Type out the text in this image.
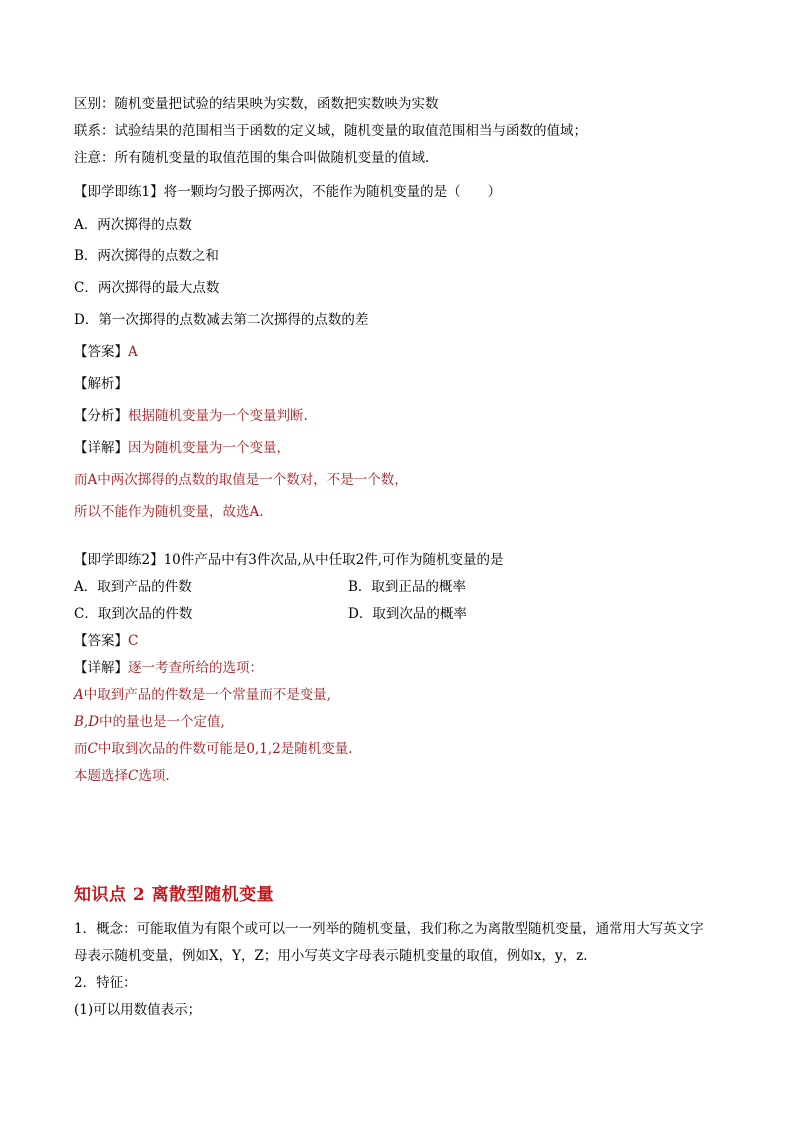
区别：随机变量把试验的结果映为实数，函数把实数映为实数
联系：试验结果的范围相当于函数的定义域，随机变量的取值范围相当与函数的值域；
注意：所有随机变量的取值范围的集合叫做随机变量的值域.
【即学即练1】将一颗均匀骰子掷两次，不能作为随机变量的是（　　）
A．两次掷得的点数
B．两次掷得的点数之和
C．两次掷得的最大点数
D．第一次掷得的点数减去第二次掷得的点数的差
【答案】A
【解析】
【分析】根据随机变量为一个变量判断.
【详解】因为随机变量为一个变量，
而A中两次掷得的点数的取值是一个数对，不是一个数，
所以不能作为随机变量，故选A.
【即学即练2】10件产品中有3件次品,从中任取2件,可作为随机变量的是
A．取到产品的件数	B．取到正品的概率
C．取到次品的件数	D．取到次品的概率
【答案】C
【详解】逐一考查所给的选项：
A中取到产品的件数是一个常量而不是变量,
B,D中的量也是一个定值,
而C中取到次品的件数可能是0,1,2是随机变量.
本题选择C选项.
知识点 2 离散型随机变量
1．概念：可能取值为有限个或可以一一列举的随机变量，我们称之为离散型随机变量，通常用大写英文字
母表示随机变量，例如X，Y，Z；用小写英文字母表示随机变量的取值，例如x，y，z.
2．特征：
(1)可以用数值表示；
